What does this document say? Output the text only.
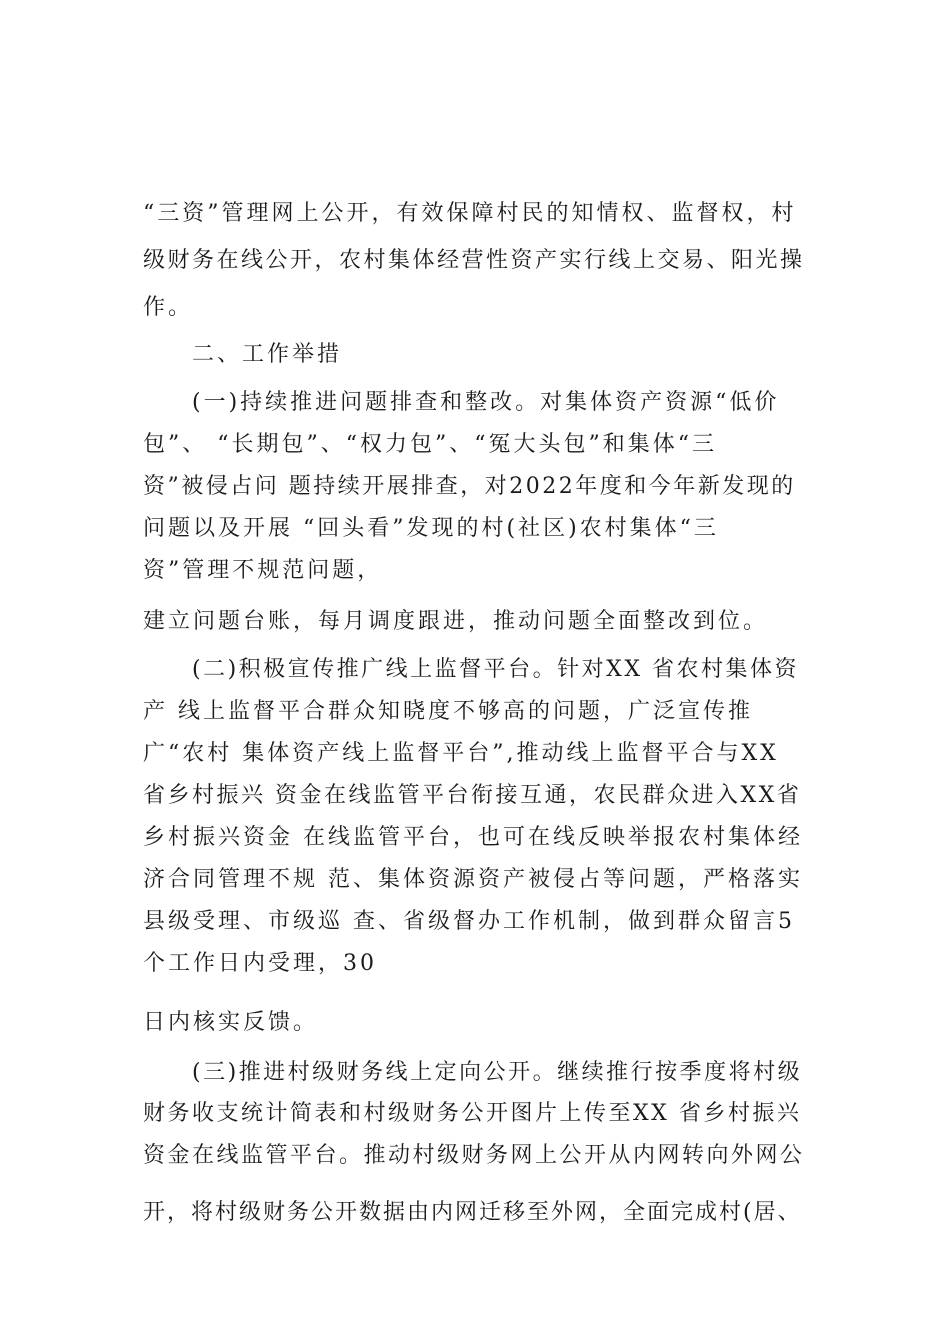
“三资”管理网上公开，有效保障村民的知情权、监督权，村
级财务在线公开，农村集体经营性资产实行线上交易、阳光操
作。
二、工作举措
(一)持续推进问题排查和整改。对集体资产资源“低价
包”、 “长期包”、“权力包”、“冤大头包”和集体“三
资”被侵占问 题持续开展排查，对2022年度和今年新发现的
问题以及开展 “回头看”发现的村(社区)农村集体“三
资”管理不规范问题，
建立问题台账，每月调度跟进，推动问题全面整改到位。
(二)积极宣传推广线上监督平台。针对XX 省农村集体资
产 线上监督平合群众知晓度不够高的问题，广泛宣传推
广“农村 集体资产线上监督平台”,推动线上监督平合与XX
省乡村振兴 资金在线监管平台衔接互通，农民群众进入XX省
乡村振兴资金 在线监管平台，也可在线反映举报农村集体经
济合同管理不规 范、集体资源资产被侵占等问题，严格落实
县级受理、市级巡 查、省级督办工作机制，做到群众留言5
个工作日内受理，30
日内核实反馈。
(三)推进村级财务线上定向公开。继续推行按季度将村级
财务收支统计简表和村级财务公开图片上传至XX 省乡村振兴
资金在线监管平台。推动村级财务网上公开从内网转向外网公
开，将村级财务公开数据由内网迁移至外网，全面完成村(居、
